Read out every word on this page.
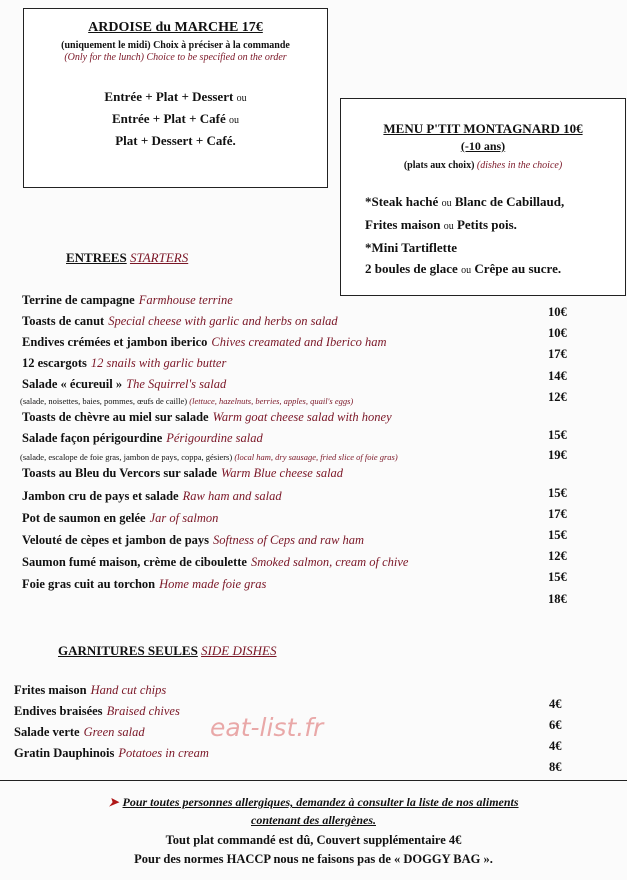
ARDOISE du MARCHE 17€
(uniquement le midi) Choix à préciser à la commande
(Only for the lunch) Choice to be specified on the order
Entrée + Plat + Dessert ou
Entrée + Plat + Café ou
Plat + Dessert + Café.
MENU P'TIT MONTAGNARD 10€
(-10 ans)
(plats aux choix) (dishes in the choice)
*Steak haché ou Blanc de Cabillaud,
Frites maison ou Petits pois.
*Mini Tartiflette
2 boules de glace ou Crêpe au sucre.
ENTREES STARTERS
Terrine de campagne Farmhouse terrine
Toasts de canut Special cheese with garlic and herbs on salad
Endives crémées et jambon iberico Chives creamated and Iberico ham
12 escargots 12 snails with garlic butter
Salade « écureuil » The Squirrel's salad
(salade, noisettes, baies, pommes, œufs de caille) (lettuce, hazelnuts, berries, apples, quail's eggs)
Toasts de chèvre au miel sur salade Warm goat cheese salad with honey
Salade façon périgourdine Périgourdine salad
(salade, escalope de foie gras, jambon de pays, coppa, gésiers) (local ham, dry sausage, fried slice of foie gras)
Toasts au Bleu du Vercors sur salade Warm Blue cheese salad
Jambon cru de pays et salade Raw ham and salad
Pot de saumon en gelée Jar of salmon
Velouté de cèpes et jambon de pays Softness of Ceps and raw ham
Saumon fumé maison, crème de ciboulette Smoked salmon, cream of chive
Foie gras cuit au torchon Home made foie gras
10€
10€
17€
14€
12€
15€
19€
15€
17€
15€
12€
15€
18€
GARNITURES SEULES SIDE DISHES
Frites maison Hand cut chips
Endives braisées Braised chives
Salade verte Green salad
Gratin Dauphinois Potatoes in cream
4€
6€
4€
8€
eat-list.fr
➤ Pour toutes personnes allergiques, demandez à consulter la liste de nos aliments
contenant des allergènes.
Tout plat commandé est dû, Couvert supplémentaire 4€
Pour des normes HACCP nous ne faisons pas de « DOGGY BAG ».
